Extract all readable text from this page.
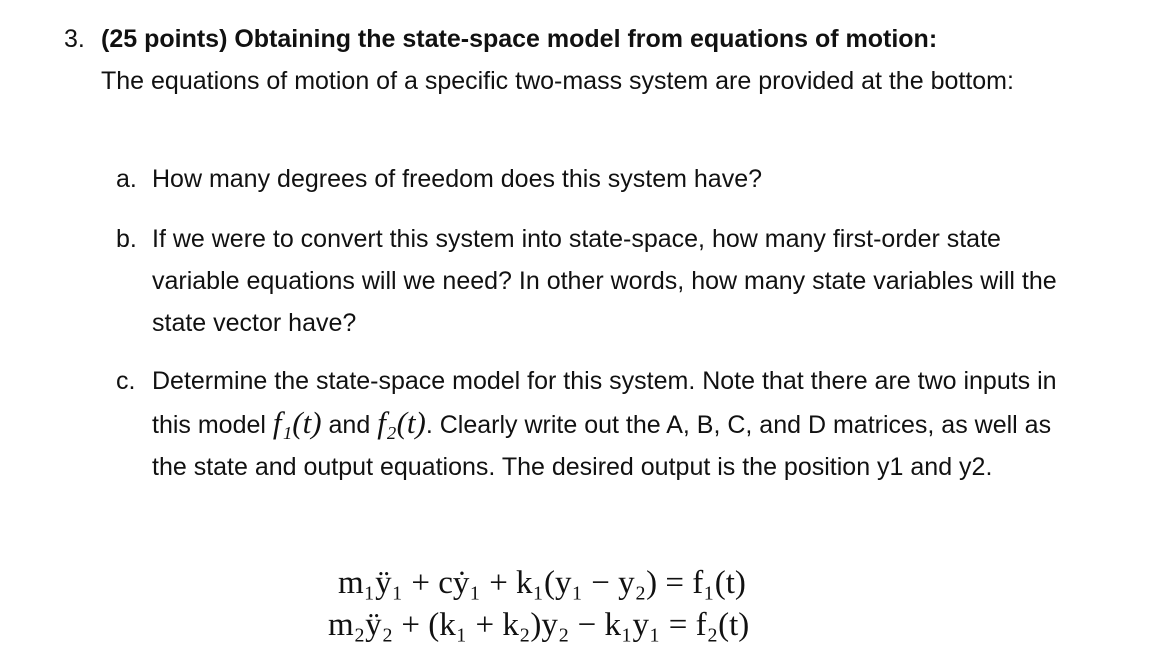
3. (25 points) Obtaining the state-space model from equations of motion:
The equations of motion of a specific two-mass system are provided at the bottom:
a. How many degrees of freedom does this system have?
b. If we were to convert this system into state-space, how many first-order state variable equations will we need? In other words, how many state variables will the state vector have?
c. Determine the state-space model for this system. Note that there are two inputs in this model f₁(t) and f₂(t). Clearly write out the A, B, C, and D matrices, as well as the state and output equations. The desired output is the position y1 and y2.
m₁ÿ₁ + cẏ₁ + k₁(y₁ − y₂) = f₁(t)
m₂ÿ₂ + (k₁ + k₂)y₂ − k₁y₁ = f₂(t)
